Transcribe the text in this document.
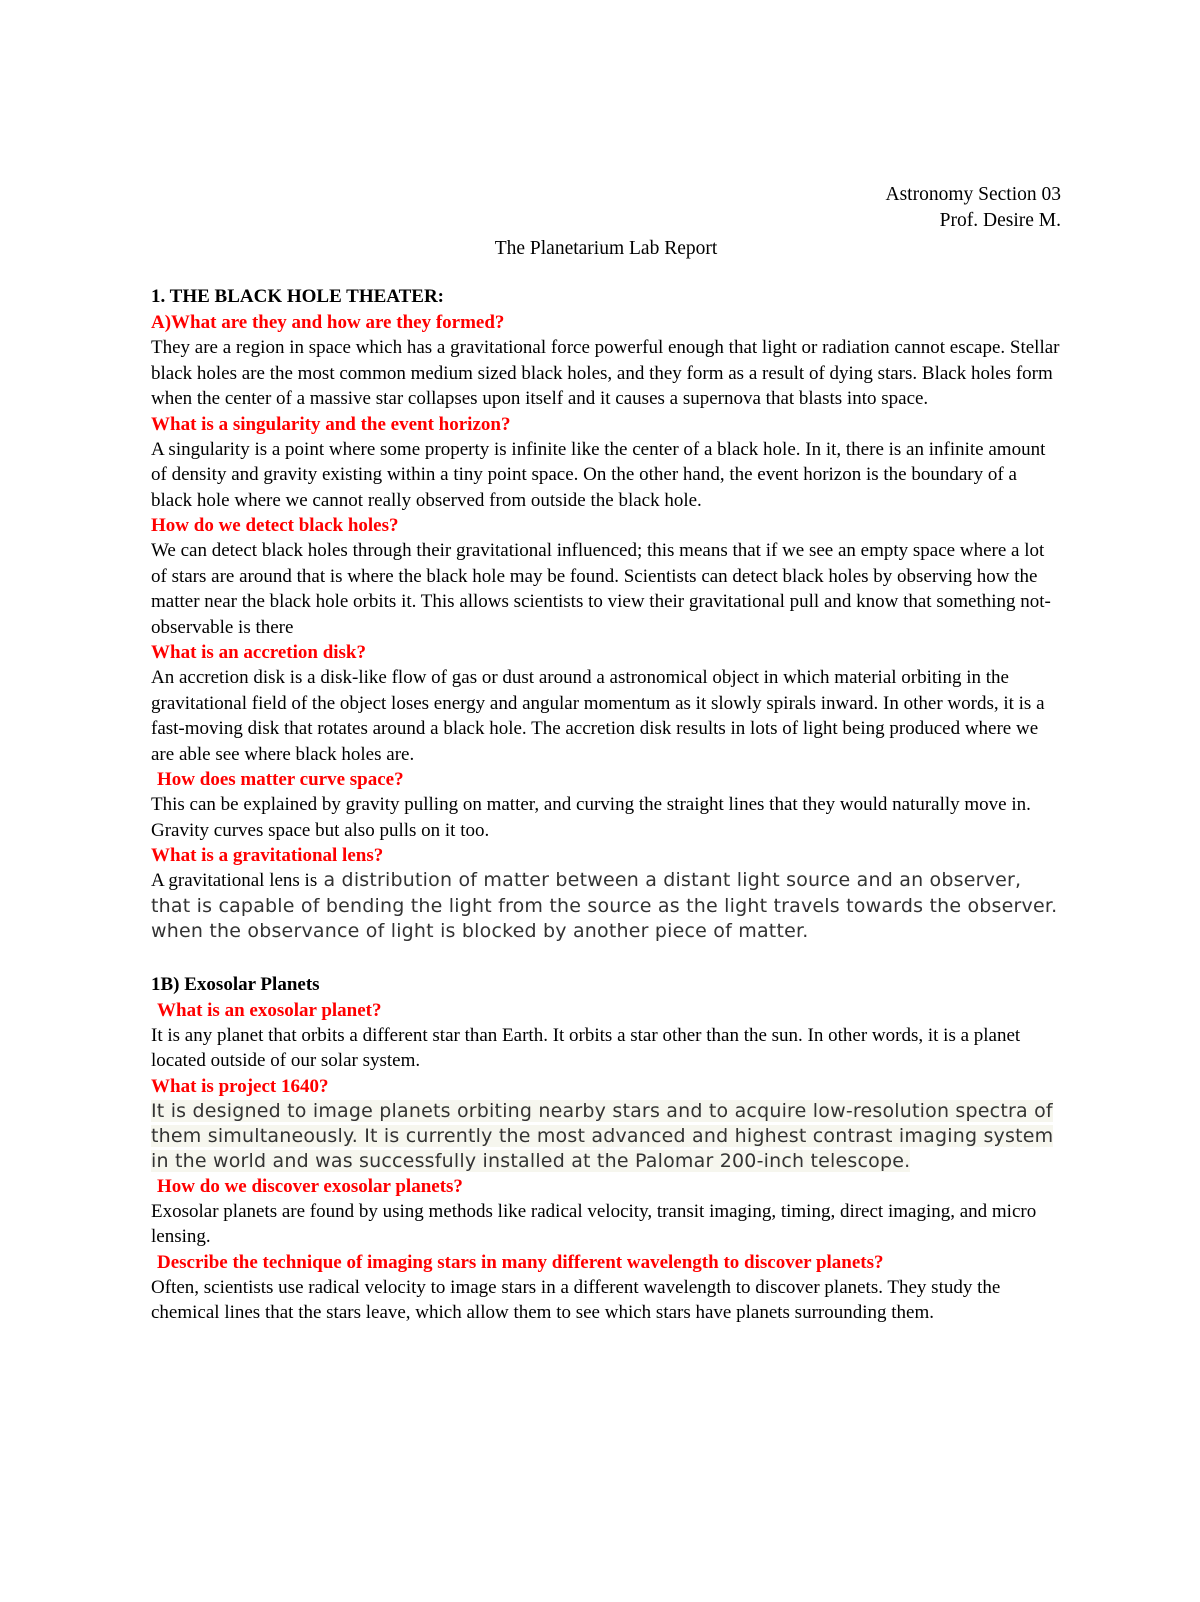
Astronomy Section 03
Prof. Desire M.
The Planetarium Lab Report
1. THE BLACK HOLE THEATER:
A)What are they and how are they formed?
They are a region in space which has a gravitational force powerful enough that light or radiation cannot escape. Stellar black holes are the most common medium sized black holes, and they form as a result of dying stars. Black holes form when the center of a massive star collapses upon itself and it causes a supernova that blasts into space.
What is a singularity and the event horizon?
A singularity is a point where some property is infinite like the center of a black hole. In it, there is an infinite amount of density and gravity existing within a tiny point space. On the other hand, the event horizon is the boundary of a black hole where we cannot really observed from outside the black hole.
How do we detect black holes?
We can detect black holes through their gravitational influenced; this means that if we see an empty space where a lot of stars are around that is where the black hole may be found. Scientists can detect black holes by observing how the matter near the black hole orbits it. This allows scientists to view their gravitational pull and know that something not-observable is there
What is an accretion disk?
An accretion disk is a disk-like flow of gas or dust around a astronomical object in which material orbiting in the gravitational field of the object loses energy and angular momentum as it slowly spirals inward. In other words, it is a fast-moving disk that rotates around a black hole. The accretion disk results in lots of light being produced where we are able see where black holes are.
How does matter curve space?
This can be explained by gravity pulling on matter, and curving the straight lines that they would naturally move in. Gravity curves space but also pulls on it too.
What is a gravitational lens?
A gravitational lens is a distribution of matter between a distant light source and an observer, that is capable of bending the light from the source as the light travels towards the observer. when the observance of light is blocked by another piece of matter.
1B) Exosolar Planets
What is an exosolar planet?
It is any planet that orbits a different star than Earth. It orbits a star other than the sun. In other words, it is a planet located outside of our solar system.
What is project 1640?
It is designed to image planets orbiting nearby stars and to acquire low-resolution spectra of them simultaneously. It is currently the most advanced and highest contrast imaging system in the world and was successfully installed at the Palomar 200-inch telescope.
How do we discover exosolar planets?
Exosolar planets are found by using methods like radical velocity, transit imaging, timing, direct imaging, and micro lensing.
Describe the technique of imaging stars in many different wavelength to discover planets?
Often, scientists use radical velocity to image stars in a different wavelength to discover planets. They study the chemical lines that the stars leave, which allow them to see which stars have planets surrounding them.
